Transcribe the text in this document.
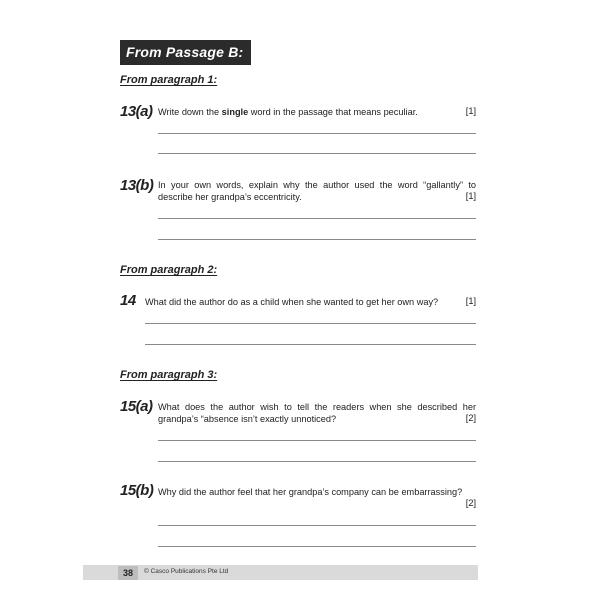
From Passage B:
From paragraph 1:
13(a) Write down the single word in the passage that means peculiar.	[1]
13(b) In your own words, explain why the author used the word “gallantly” to describe her grandpa’s eccentricity.	[1]
From paragraph 2:
14 What did the author do as a child when she wanted to get her own way?	[1]
From paragraph 3:
15(a) What does the author wish to tell the readers when she described her grandpa’s “absence isn’t exactly unnoticed?	[2]
15(b) Why did the author feel that her grandpa’s company can be embarrassing?
[2]
38	© Casco Publications Pte Ltd
